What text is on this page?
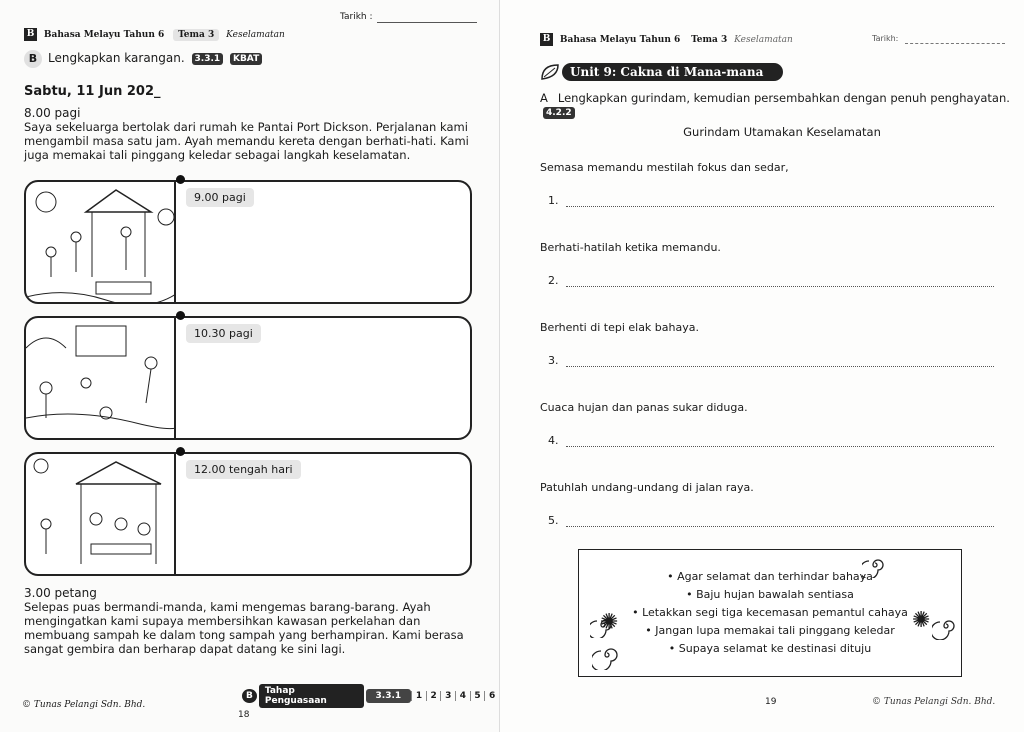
Tarikh :
B Bahasa Melayu Tahun 6 Tema 3 Keselamatan
B Lengkapkan karangan. 3.3.1 KBAT
Sabtu, 11 Jun 202_
8.00 pagi
Saya sekeluarga bertolak dari rumah ke Pantai Port Dickson. Perjalanan kami mengambil masa satu jam. Ayah memandu kereta dengan berhati-hati. Kami juga memakai tali pinggang keledar sebagai langkah keselamatan.
9.00 pagi
10.30 pagi
12.00 tengah hari
3.00 petang
Selepas puas bermandi-manda, kami mengemas barang-barang. Ayah mengingatkan kami supaya membersihkan kawasan perkelahan dan membuang sampah ke dalam tong sampah yang berhampiran. Kami berasa sangat gembira dan berharap dapat datang ke sini lagi.
B	Tahap Penguasaan	3.3.1	1 2 3 4 5 6
© Tunas Pelangi Sdn. Bhd.
18
B Bahasa Melayu Tahun 6 Tema 3 Keselamatan	Tarikh:
Unit 9: Cakna di Mana-mana
A Lengkapkan gurindam, kemudian persembahkan dengan penuh penghayatan. 4.2.2
Gurindam Utamakan Keselamatan
Semasa memandu mestilah fokus dan sedar,
1.
Berhati-hatilah ketika memandu.
2.
Berhenti di tepi elak bahaya.
3.
Cuaca hujan dan panas sukar diduga.
4.
Patuhlah undang-undang di jalan raya.
5.
• Agar selamat dan terhindar bahaya
• Baju hujan bawalah sentiasa
• Letakkan segi tiga kecemasan pemantul cahaya
• Jangan lupa memakai tali pinggang keledar
• Supaya selamat ke destinasi dituju
✺	✺
19	© Tunas Pelangi Sdn. Bhd.
